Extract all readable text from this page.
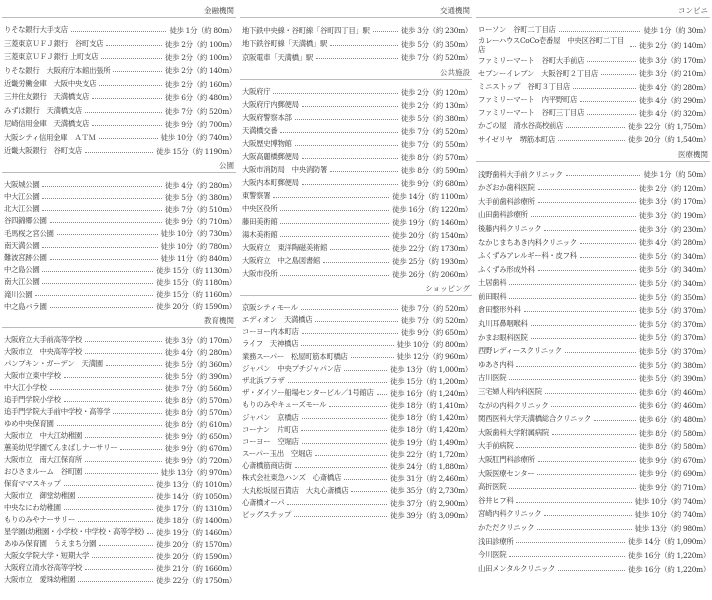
金融機関
りそな銀行大手支店	徒歩 1分（約 80m）
三菱東京ＵＦＪ銀行　谷町支店	徒歩 2分（約 100m）
三菱東京ＵＦＪ銀行 上町支店	徒歩 2分（約 100m）
りそな銀行　大阪府庁本館出張所	徒歩 2分（約 140m）
近畿労働金庫　大阪中央支店	徒歩 2分（約 160m）
三井住友銀行　天満橋支店	徒歩 6分（約 480m）
みずほ銀行　天満橋支店	徒歩 7分（約 520m）
尼崎信用金庫　天満橋支店	徒歩 9分（約 700m）
大阪シティ信用金庫　ＡＴＭ	徒歩 10分（約 740m）
近畿大阪銀行　谷町支店	徒歩 15分（約 1190m）
公園
大阪城公園	徒歩 4分（約 280m）
中大江公園	徒歩 5分（約 380m）
北大江公園	徒歩 7分（約 510m）
谷四錦郷公園	徒歩 9分（約 710m）
毛馬桜之宮公園	徒歩 10分（約 730m）
南天満公園	徒歩 10分（約 780m）
難波宮跡公園	徒歩 11分（約 840m）
中之島公園	徒歩 15分（約 1130m）
南大江公園	徒歩 15分（約 1180m）
滝川公園	徒歩 15分（約 1160m）
中之島バラ園	徒歩 20分（約 1590m）
教育機関
大阪府立大手前高等学校	徒歩 3分（約 170m）
大阪市立　中央高等学校	徒歩 4分（約 280m）
パンプキン・ガーデン　天満園	徒歩 5分（約 360m）
大阪市立東中学校	徒歩 5分（約 390m）
中大江小学校	徒歩 7分（約 560m）
追手門学院小学校	徒歩 8分（約 570m）
追手門学院大手前中学校・高等学	徒歩 8分（約 570m）
ゆめ中央保育園	徒歩 8分（約 610m）
大阪市立　中大江幼稚園	徒歩 9分（約 650m）
蕙美幼児学園てんまばしナーサリー	徒歩 9分（約 670m）
大阪市立　南大江保育所	徒歩 9分（約 720m）
おひさまルーム　谷町園	徒歩 13分（約 970m）
保育ママスキップ	徒歩 13分（約 1010m）
大阪市立　御堂幼稚園	徒歩 14分（約 1050m）
中央なにわ幼稚園	徒歩 17分（約 1310m）
もりのみやナーサリー	徒歩 18分（約 1400m）
星学園(幼稚園・小学校・中学校・高等学校) 徒歩 19分（約 1460m）
あゆみ保育園　うえまち分園	徒歩 20分（約 1570m）
大阪女学院大学・短期大学	徒歩 20分（約 1590m）
大阪府立清水谷高等学校	徒歩 21分（約 1660m）
大阪市立　愛珠幼稚園	徒歩 22分（約 1750m）
交通機関
地下鉄中央線・谷町線「谷町四丁目」駅	徒歩 3分（約 230m）
地下鉄谷町線「天満橋」駅	徒歩 5分（約 350m）
京阪電車「天満橋」駅	徒歩 7分（約 520m）
公共施設
大阪府庁	徒歩 2分（約 120m）
大阪府庁内郵便局	徒歩 2分（約 130m）
大阪府警察本部	徒歩 5分（約 380m）
天満橋交番	徒歩 7分（約 520m）
大阪歴史博物館	徒歩 7分（約 550m）
大阪高麗橋郵便局	徒歩 8分（約 570m）
大阪市消防局　中央消防署	徒歩 8分（約 590m）
大阪内本町郵便局	徒歩 9分（約 680m）
東警察署	徒歩 14分（約 1100m）
中央区役所	徒歩 16分（約 1220m）
藤田美術館	徒歩 19分（約 1460m）
湯木美術館	徒歩 20分（約 1540m）
大阪府立　東洋陶磁美術館	徒歩 22分（約 1730m）
大阪府立　中之島図書館	徒歩 25分（約 1930m）
大阪市役所	徒歩 26分（約 2060m）
ショッピング
京阪シティモール	徒歩 7分（約 520m）
エディオン　天満橋店	徒歩 7分（約 520m）
コーヨー内本町店	徒歩 9分（約 650m）
ライフ　天神橋店	徒歩 10分（約 800m）
業務スーパー　松屋町筋本町橋店	徒歩 12分（約 960m）
ジャパン　中央プチジャパン店	徒歩 13分（約 1,000m）
ザ北浜プラザ	徒歩 15分（約 1,200m）
ザ・ダイソー船場センタービル／1号館店 徒歩 16分（約 1,240m）
もりのみやキューズモール	徒歩 18分（約 1,410m）
ジャパン　京橋店	徒歩 18分（約 1,420m）
コーナン　片町店	徒歩 18分（約 1,420m）
コーヨー　空堀店	徒歩 19分（約 1,490m）
スーパー玉出　空堀店	徒歩 22分（約 1,720m）
心斎橋筋商店街	徒歩 24分（約 1,880m）
株式会社東急ハンズ　心斎橋店	徒歩 31分（約 2,460m）
大丸松坂屋百貨店　大丸心斎橋店	徒歩 35分（約 2,730m）
心斎橋オーパ	徒歩 37分（約 2,900m）
ビッグステップ	徒歩 39分（約 3,090m）
コンビニ
ローソン　谷町二丁目店	徒歩 1分（約 30m）
カレーハウスCoCo壱番屋　中央区谷町二丁目店	徒歩 2分（約 140m）
ファミリーマート　谷町大手前店	徒歩 3分（約 170m）
セブンーイレブン　大阪谷町２丁目店	徒歩 3分（約 210m）
ミニストップ　谷町３丁目店	徒歩 4分（約 280m）
ファミリーマート　内平野町店	徒歩 4分（約 290m）
ファミリーマート　谷町三丁目店	徒歩 4分（約 320m）
かごの屋　清水谷高校前店	徒歩 22分（約 1,750m）
サイゼリヤ　堺筋本町店	徒歩 20分（約 1,540m）
医療機関
浅野歯科大手前クリニック	徒歩 1分（約 50m）
かざおか歯科医院	徒歩 2分（約 120m）
大手前歯科診療所	徒歩 3分（約 170m）
山田歯科診療所	徒歩 3分（約 190m）
後藤内科クリニック	徒歩 3分（約 230m）
なかじまちあき内科クリニック	徒歩 4分（約 280m）
ふくずみアレルギー科・皮フ科	徒歩 5分（約 340m）
ふくずみ形成外科	徒歩 5分（約 340m）
土居歯科	徒歩 5分（約 340m）
前田眼科	徒歩 5分（約 350m）
倉田整形外科	徒歩 5分（約 370m）
丸川耳鼻咽喉科	徒歩 5分（約 370m）
かまお眼科医院	徒歩 5分（約 370m）
西野レディースクリニック	徒歩 5分（約 370m）
ゆあさ内科	徒歩 5分（約 380m）
古川医院	徒歩 5分（約 390m）
三宅婦人科内科医院	徒歩 6分（約 460m）
ながの内科クリニック	徒歩 6分（約 460m）
関西医科大学天満橋総合クリニック	徒歩 6分（約 480m）
大阪歯科大学附属病院	徒歩 8分（約 580m）
大手前病院	徒歩 8分（約 580m）
大阪肛門科診療所	徒歩 9分（約 670m）
大阪医療センター	徒歩 9分（約 690m）
高折医院	徒歩 9分（約 710m）
谷井ヒフ科	徒歩 10分（約 740m）
宮崎内科クリニック	徒歩 10分（約 740m）
かただクリニック	徒歩 13分（約 980m）
浅田診療所	徒歩 14分（約 1,090m）
今川医院	徒歩 16分（約 1,220m）
山田メンタルクリニック	徒歩 16分（約 1,220m）
